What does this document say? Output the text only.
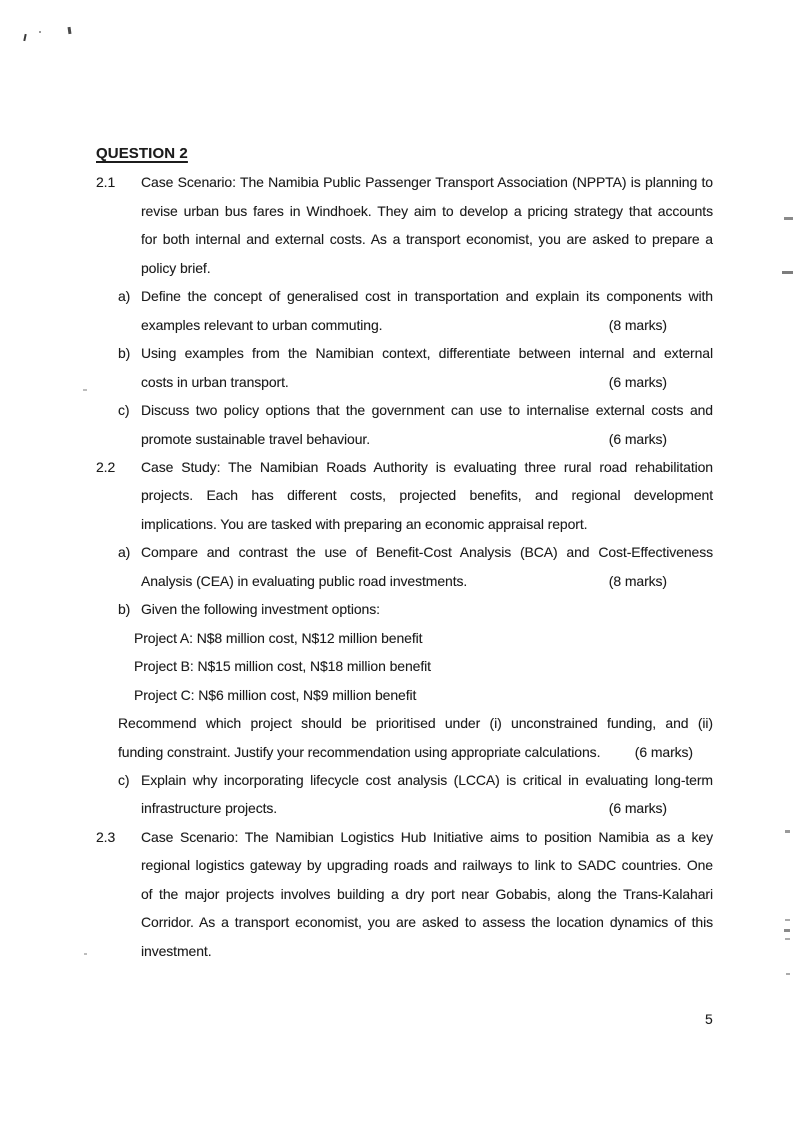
QUESTION 2
2.1 Case Scenario: The Namibia Public Passenger Transport Association (NPPTA) is planning to
revise urban bus fares in Windhoek. They aim to develop a pricing strategy that accounts
for both internal and external costs. As a transport economist, you are asked to prepare a
policy brief.
a) Define the concept of generalised cost in transportation and explain its components with
examples relevant to urban commuting.	(8 marks)
b) Using examples from the Namibian context, differentiate between internal and external
costs in urban transport.	(6 marks)
c) Discuss two policy options that the government can use to internalise external costs and
promote sustainable travel behaviour.	(6 marks)
2.2 Case Study: The Namibian Roads Authority is evaluating three rural road rehabilitation
projects. Each has different costs, projected benefits, and regional development
implications. You are tasked with preparing an economic appraisal report.
a) Compare and contrast the use of Benefit-Cost Analysis (BCA) and Cost-Effectiveness
Analysis (CEA) in evaluating public road investments.	(8 marks)
b) Given the following investment options:
Project A: N$8 million cost, N$12 million benefit
Project B: N$15 million cost, N$18 million benefit
Project C: N$6 million cost, N$9 million benefit
Recommend which project should be prioritised under (i) unconstrained funding, and (ii)
funding constraint. Justify your recommendation using appropriate calculations. (6 marks)
c) Explain why incorporating lifecycle cost analysis (LCCA) is critical in evaluating long-term
infrastructure projects.	(6 marks)
2.3 Case Scenario: The Namibian Logistics Hub Initiative aims to position Namibia as a key
regional logistics gateway by upgrading roads and railways to link to SADC countries. One
of the major projects involves building a dry port near Gobabis, along the Trans-Kalahari
Corridor. As a transport economist, you are asked to assess the location dynamics of this
investment.
5
